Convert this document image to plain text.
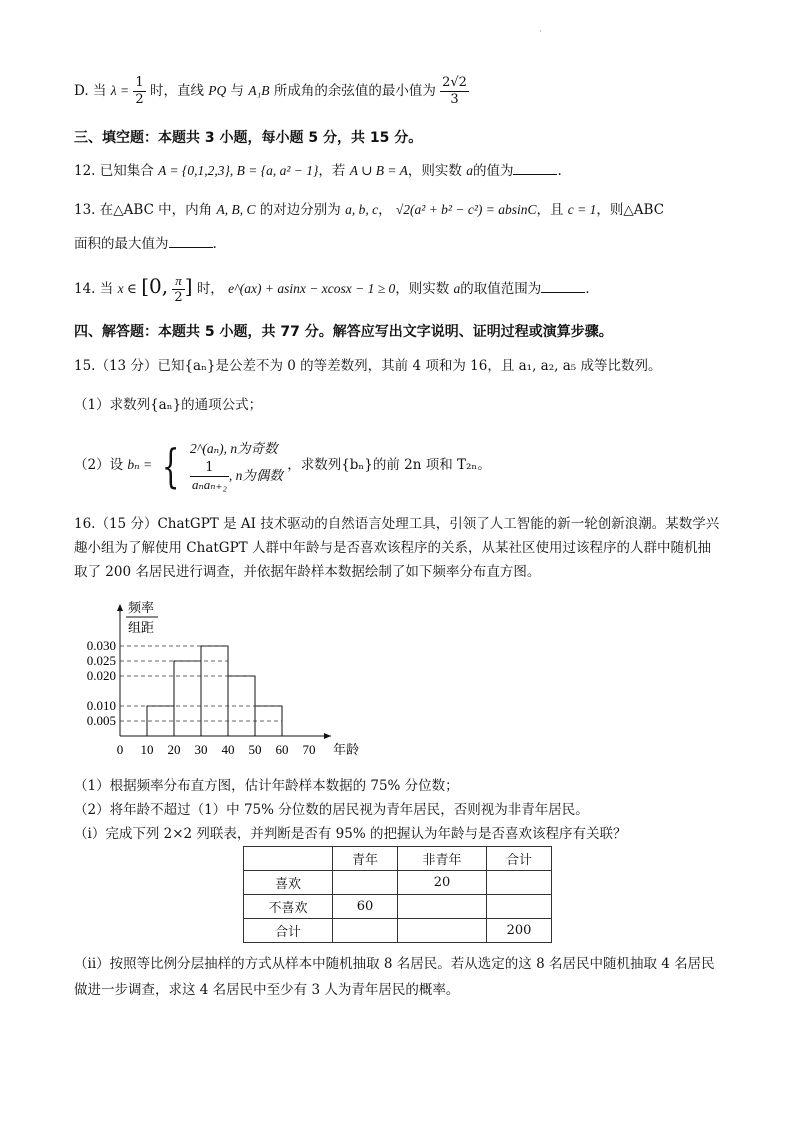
˙
D. 当 $\lambda = \frac{1}{2}$ 时，直线 PQ 与 A₁B 所成角的余弦值的最小值为 $\frac{2√2}{3}$
三、填空题：本题共 3 小题，每小题 5 分，共 15 分。
12. 已知集合 A = {0,1,2,3}, B = {a, a² − 1}，若 A ∪ B = A，则实数 a的值为	.
13. 在△ABC 中，内角 A, B, C 的对边分别为 a, b, c， √2(a² + b² − c²) = absinC，且 c = 1，则△ABC
面积的最大值为	.
14. 当 x ∈ [0, $\frac{\pi}{2}$ ] 时， e^(ax) + asinx − xcosx − 1 ≥ 0，则实数 a的取值范围为	.
四、解答题：本题共 5 小题，共 77 分。解答应写出文字说明、证明过程或演算步骤。
15.（13 分）已知{aₙ}是公差不为 0 的等差数列，其前 4 项和为 16，且 a₁, a₂, a₅ 成等比数列。
（1）求数列{aₙ}的通项公式；
（2）设 bₙ = { 2^(aₙ), n为奇数
$\frac{1}{\text{aₙaₙ₊₂}}$ , n为偶数
，求数列{bₙ}的前 2n 项和 T₂ₙ。
16.（15 分）ChatGPT 是 AI 技术驱动的自然语言处理工具，引领了人工智能的新一轮创新浪潮。某数学兴
趣小组为了解使用 ChatGPT 人群中年龄与是否喜欢该程序的关系，从某社区使用过该程序的人群中随机抽
取了 200 名居民进行调查，并依据年龄样本数据绘制了如下频率分布直方图。
频率
组距
0.030
0.025
0.020
0.010
0.005
0 10 20 30 40 50 60 70 年龄
（1）根据频率分布直方图，估计年龄样本数据的 75% 分位数；
（2）将年龄不超过（1）中 75% 分位数的居民视为青年居民，否则视为非青年居民。
（i）完成下列 2×2 列联表，并判断是否有 95% 的把握认为年龄与是否喜欢该程序有关联？
	青年	非青年	合计
喜欢		20	
不喜欢	60		
合计			200
（ii）按照等比例分层抽样的方式从样本中随机抽取 8 名居民。若从选定的这 8 名居民中随机抽取 4 名居民
做进一步调查，求这 4 名居民中至少有 3 人为青年居民的概率。
